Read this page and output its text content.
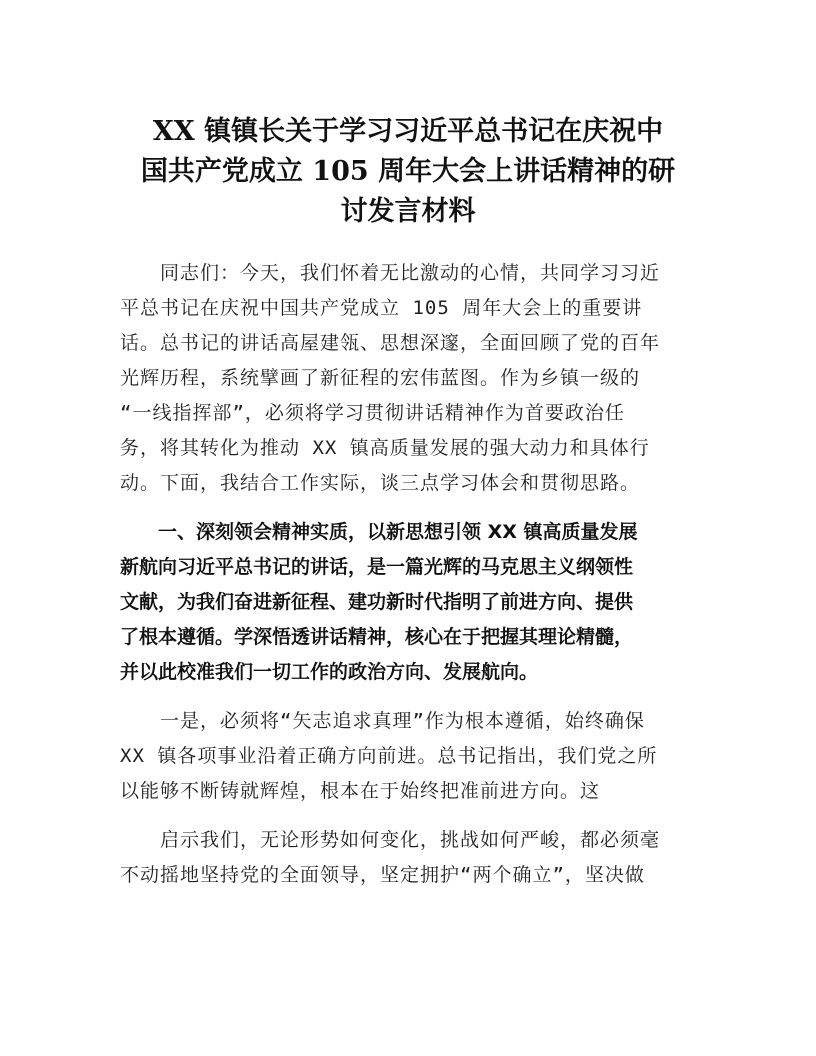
XX 镇镇长关于学习习近平总书记在庆祝中
国共产党成立 105 周年大会上讲话精神的研
讨发言材料
　　同志们：今天，我们怀着无比激动的心情，共同学习习近
平总书记在庆祝中国共产党成立 105 周年大会上的重要讲
话。总书记的讲话高屋建瓴、思想深邃，全面回顾了党的百年
光辉历程，系统擘画了新征程的宏伟蓝图。作为乡镇一级的
“一线指挥部”，必须将学习贯彻讲话精神作为首要政治任
务，将其转化为推动 XX 镇高质量发展的强大动力和具体行
动。下面，我结合工作实际，谈三点学习体会和贯彻思路。
　　一、深刻领会精神实质，以新思想引领 XX 镇高质量发展
新航向习近平总书记的讲话，是一篇光辉的马克思主义纲领性
文献，为我们奋进新征程、建功新时代指明了前进方向、提供
了根本遵循。学深悟透讲话精神，核心在于把握其理论精髓，
并以此校准我们一切工作的政治方向、发展航向。
　　一是，必须将“矢志追求真理”作为根本遵循，始终确保
XX 镇各项事业沿着正确方向前进。总书记指出，我们党之所
以能够不断铸就辉煌，根本在于始终把准前进方向。这
　　启示我们，无论形势如何变化，挑战如何严峻，都必须毫
不动摇地坚持党的全面领导，坚定拥护“两个确立”，坚决做
